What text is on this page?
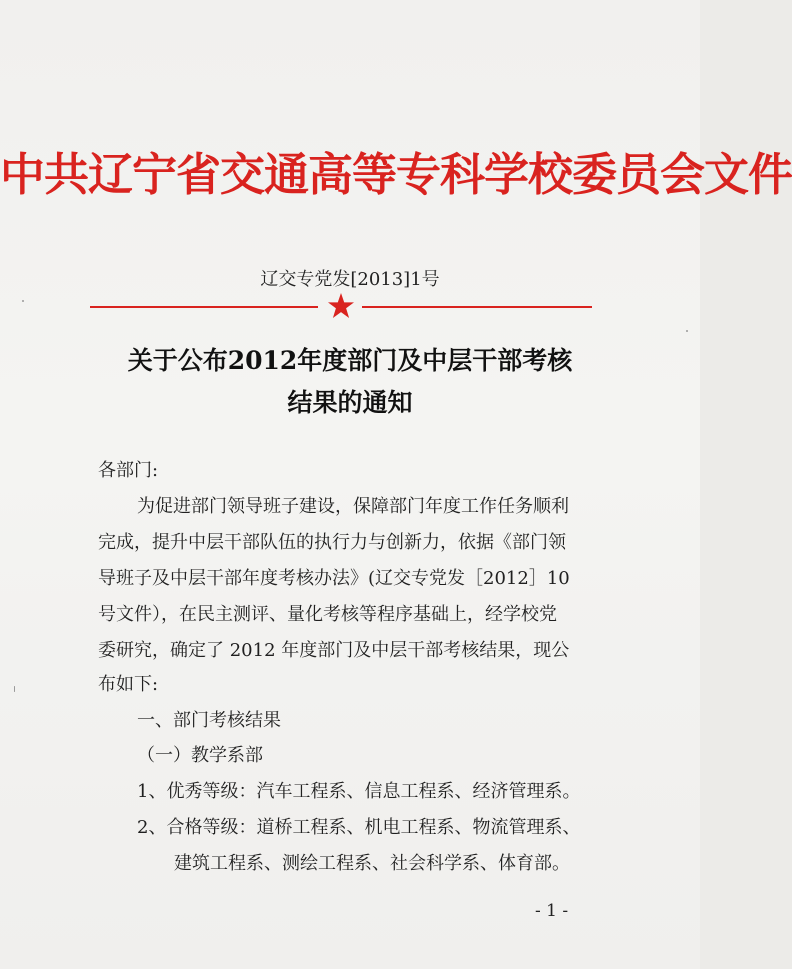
中共辽宁省交通高等专科学校委员会文件
辽交专党发[2013]1号
关于公布2012年度部门及中层干部考核
结果的通知
各部门:
为促进部门领导班子建设，保障部门年度工作任务顺利
完成，提升中层干部队伍的执行力与创新力，依据《部门领
导班子及中层干部年度考核办法》(辽交专党发［2012］10
号文件），在民主测评、量化考核等程序基础上，经学校党
委研究，确定了 2012 年度部门及中层干部考核结果，现公
布如下:
一、部门考核结果
（一）教学系部
1、优秀等级：汽车工程系、信息工程系、经济管理系。
2、合格等级：道桥工程系、机电工程系、物流管理系、
建筑工程系、测绘工程系、社会科学系、体育部。
- 1 -
